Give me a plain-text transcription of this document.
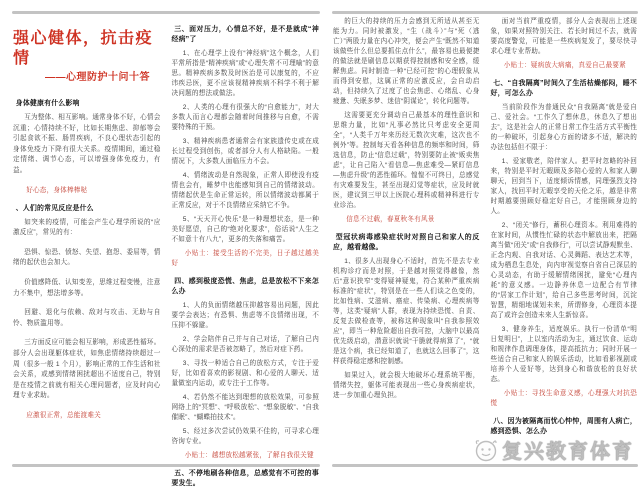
强心健体，抗击疫情
——心理防护十问十答
身体健康有什么影响
互为整体、相互影响。通常身体不好，心情会沉重；心情持续不好，比如长期焦虑、抑郁等会引起食欲不振、肠胃疾病，不良心理状态引起的身体免疫力下降有很大关系。疫情期间，通过稳定情绪、调节心态，可以增强身体免疫力，有益。
好心态，身体棒棒哒
、人们的常见反应是什么
如突来的疫情，可能会产生心理学所说的“应激反应”，常见的有：
恐惧、惊恐、愤怒、失望、抱怨、委屈等，情绪的起伏也会加大。
价值感降低、认知变差，思维过程变慢，注意力不集中，想法增多等。
回避、退化与依赖、敌对与攻击、无助与自怜、物质滥用等。
三方面反应可能会相互影响，形成恶性循环。部分人会出现躯体症状，如焦虑情绪持续超过一周（很多一般 1 个月），影响正常的工作生活和社会关系，或感到情绪困扰超出不适度自己，特别是在疫情之前就有相关心理问题者，应及时向心理专业求助。
应激很正常，总能渡难关
三、面对压力，心情总不好，是不是就成“神经病”了
1、在心理学上没有“神经病”这个概念，人们平常所指是“精神疾病”或“心理失常不可理喻”的意思。精神疾病多数及时医治是可以康复的，不应讳疾忌医，更不应该视精神疾病不科学不利于解决问题的想法或做法。
2、人类的心理有很强大的“自愈能力”，对大多数人而言心理都会随着时间推移与自愈，不需要特殊的干预。
3、精神疾病患者通常会有家族遗传史或在成长过程受到创伤，或者部分人有人格缺陷。一般情况下，大多数人面临压力不会。
4、情绪波动是自然现象，正常人即使没有疫情也会有，睡梦中也能感知到自己的情绪波动。情绪起伏是生命正常运转，所以情绪波动都属于正常反应，对于不良情绪应采纳它不争。
5、“天天开心快乐”是一种理想状态，是一种美好愿望，自己的“绝对化要求”，俗话说“人生之不如意十有八九”，更多的失落和痛苦。
小贴士：接受生活的不完美，日子越过越美好
四、感到极度恐慌、焦虑，总是放松不下来怎么办
1、人的负面情绪越压抑越容易出问题，因此要学会表达；有恐惧、焦虑等不良情绪出现，不压抑不躲避。
2、学会陪伴自己并与自己对话，了解自己内心深处的需求是否被忽略了，然后对症下药。
3、寻找一种适合自己的放松方式，专注于爱好，比如看喜欢的影视剧、和心爱的人聊天、适量做室内运动，或专注于工作等。
4、若仍然不能达到理想的放松效果，可参照网络上的“冥想”、“呼吸放松”、“想象脱敏”、“自我催眠”、“蝴蝶拍技术”。
5、经过多次尝试仍效果不佳的，可寻求心理咨询专业。
小贴士：越想放松越紧张，了解自我很关键
五、不停地刷各种信息，总感觉有不可控的事要发生。
的巨大的持续的压力会感到无所适从甚至无能为力。同时被激发，“生（战斗）”与“死（逃亡）”两股力量在内心冲突，便会产生“既然不知道该做些什么但总要抓住点什么”，最容易也最便捷的做法就是刷信息以期获得控制感和安全感，缓解焦虑。同时制造一种“已经可控”的心理假象从而得到安慰，这属正常的应激反应，会自动启动，但持续久了过度了也会焦虑、心绪乱、心身疲惫、失眠多梦、迷信“阴谋论”，转化问题等。
这需要更充分调动自己最基本的理性意识和思维力量，比如“凡事必然比只考虑安全更周全”，“人类千万年来历经无数次灾难，这次也不例外”等。控制每天看各种信息的频率和时间，筛选信息，防止“信息过载”，特别要防止被“贩卖焦虑”，让自己陷入“看信息—焦虑难受—紧盯信息—焦虑升级”的恶性循环。惶惶不可终日，总感觉有灾难要发生，甚至出现幻觉等症状，应及时就医，建议到三甲以上医院心理科或精神科进行专业诊治。
信息不过载，春夏秋冬有风景
型冠状病毒感染症状时对照自己和家人的反应，越看越像。
1、很多人出现身心不适时，首先不是去专业机构诊疗而是对照，于是越对照觉得越像，然后“意识狭窄”变得疑神疑鬼，符合某种严重疾病标准的“症状”，特别是在一些人们谈之色变的，比如性病、艾滋病、癌症、传染病、心理疾病等等，这类“疑病”人群，表现为持续恐慌、自责、反复去做检查等，被称这种现象叫“自我参照效应”，即当一种危险超出自我可控，大脑中以最高优先级启动，潜意识就说“干脆就得病算了”，“就是这个病，我已经知道了，也就这么回事了”，这样获得稳定感和控制感。
如果过入，就会极大地破坏心理系统平衡，情绪失控，躯体可能表现出一些心身疾病症状，进一步加重心理负担。
面对当前严重疫情，部分人会表现出上述现象，如果对照特别关注、若长时间过不去，就需要高度警觉，可能是一些疾病复发了，要尽快寻求心理专业帮助。
小贴士：疑病放大病痛，真爱自己最要紧
七、“自我隔离”时间久了生活枯燥郁闷，睡不好，可怎么办
当前阶段作为普通民众“自我隔离”就是爱自己、爱社会。“工作久了想休息，休息久了想出去”，这是社会人的正常日常工作生活方式平衡性的一种破坏，引起身心方面的诸多不适，解决的办法包括但不限于：
1、爱家敬老，陪伴家人。把平时忽略的补回来，特别是平时无暇顾及多陪心爱的人和家人聊聊天，回到当下，适度倾诉情感，同理强烈支持家人，找回平时无暇享受的天伦之乐，越是非常时期越要照顾好稳定好自己，才能照顾身边的人。
2、“闭关”修行，蓄积心理资本。利用难得的在家时间，从惯性忙碌的状态中解放出来，把隔离当做“闭关”或“自我修行”，可以尝试静观默坐、正念内观、自我对话、心灵舞蹈、表达艺术等，成为栖息生息处，向内审视觉察自省自己深层的心灵动态，有助于缓解情绪困扰，避免“心理内耗”的意义感。一边静养休息一边配合有节律的“居家工作计划”，给自己多些思考时间，沉淀智慧，精细地谋划未来，所谓修身，心理资本提高了或许会创造未来人生新惊喜。
3、健身养生，适度娱乐。执行一份清单“明日复明日”，上以室内活动为主，通过饮食、运动和规律作息调理身体，提高抵抗力；同时开展一些适合自己和家人的娱乐活动，比如看影视剧或培养个人爱好等，达到身心和谐放松的良好状态。
小贴士：寻找生命意义感，心理强大对抗恐慌
八、因为被隔离而忧心忡忡，周围有人病亡，感到恐惧、怎么办
复兴教育体育
